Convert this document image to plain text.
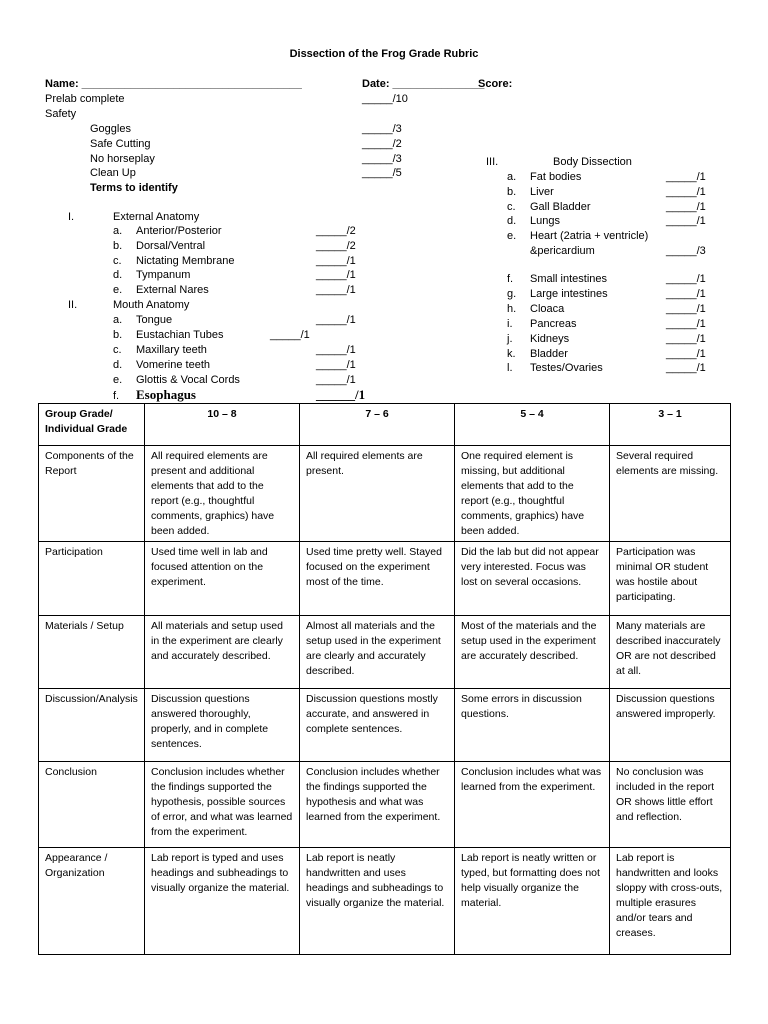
Dissection of the Frog Grade Rubric
Name: ____________________________________	Date: _______________
Score:
Prelab complete	_____/10
Safety
Goggles	_____/3
Safe Cutting	_____/2
No horseplay	_____/3
Clean Up	_____/5
Terms to identify
I.	External Anatomy
a. Anterior/Posterior	_____/2
b. Dorsal/Ventral	_____/2
c. Nictating Membrane	_____/1
d. Tympanum	_____/1
e. External Nares	_____/1
II.	Mouth Anatomy
a. Tongue	_____/1
b. Eustachian Tubes	_____/1
c. Maxillary teeth	_____/1
d. Vomerine teeth	_____/1
e. Glottis & Vocal Cords	_____/1
f. Esophagus	______/1
III.	Body Dissection
a. Fat bodies	_____/1
b. Liver	_____/1
c. Gall Bladder	_____/1
d. Lungs	_____/1
e. Heart (2atria + ventricle)
&pericardium	_____/3
f. Small intestines	_____/1
g. Large intestines	_____/1
h. Cloaca	_____/1
i. Pancreas	_____/1
j. Kidneys	_____/1
k. Bladder	_____/1
l. Testes/Ovaries	_____/1
Group Grade/ Individual Grade	10 – 8	7 – 6	5 – 4	3 – 1
Components of the Report	All required elements are present and additional elements that add to the report (e.g., thoughtful comments, graphics) have been added.	All required elements are present.	One required element is missing, but additional elements that add to the report (e.g., thoughtful comments, graphics) have been added.	Several required elements are missing.
Participation	Used time well in lab and focused attention on the experiment.	Used time pretty well. Stayed focused on the experiment most of the time.	Did the lab but did not appear very interested. Focus was lost on several occasions.	Participation was minimal OR student was hostile about participating.
Materials / Setup	All materials and setup used in the experiment are clearly and accurately described.	Almost all materials and the setup used in the experiment are clearly and accurately described.	Most of the materials and the setup used in the experiment are accurately described.	Many materials are described inaccurately OR are not described at all.
Discussion/Analysis	Discussion questions answered thoroughly, properly, and in complete sentences.	Discussion questions mostly accurate, and answered in complete sentences.	Some errors in discussion questions.	Discussion questions answered improperly.
Conclusion	Conclusion includes whether the findings supported the hypothesis, possible sources of error, and what was learned from the experiment.	Conclusion includes whether the findings supported the hypothesis and what was learned from the experiment.	Conclusion includes what was learned from the experiment.	No conclusion was included in the report OR shows little effort and reflection.
Appearance / Organization	Lab report is typed and uses headings and subheadings to visually organize the material.	Lab report is neatly handwritten and uses headings and subheadings to visually organize the material.	Lab report is neatly written or typed, but formatting does not help visually organize the material.	Lab report is handwritten and looks sloppy with cross-outs, multiple erasures and/or tears and creases.
